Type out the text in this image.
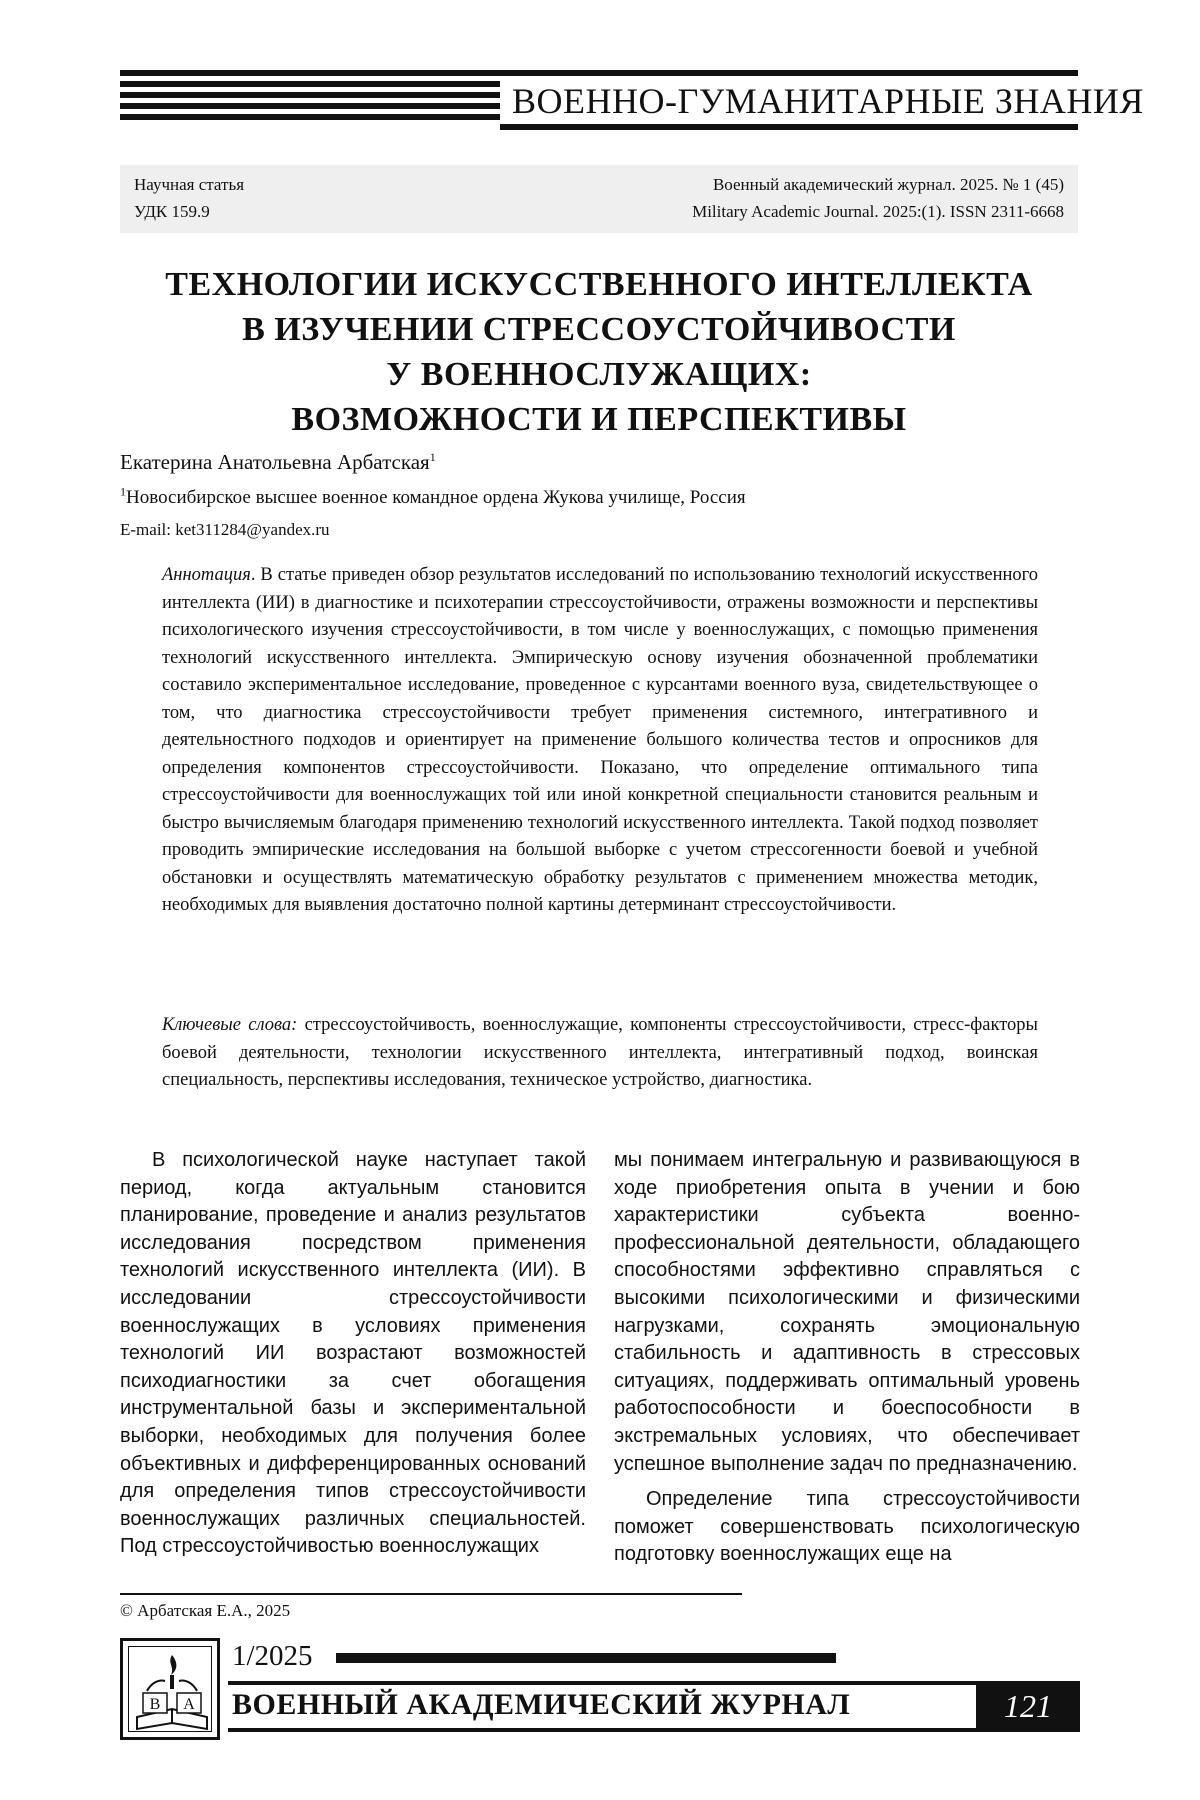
ВОЕННО-ГУМАНИТАРНЫЕ ЗНАНИЯ
Научная статья
УДК 159.9
Военный академический журнал. 2025. № 1 (45)
Military Academic Journal. 2025:(1). ISSN 2311-6668
ТЕХНОЛОГИИ ИСКУССТВЕННОГО ИНТЕЛЛЕКТА
В ИЗУЧЕНИИ СТРЕССОУСТОЙЧИВОСТИ
У ВОЕННОСЛУЖАЩИХ:
ВОЗМОЖНОСТИ И ПЕРСПЕКТИВЫ
Екатерина Анатольевна Арбатская$^1$
$^1$Новосибирское высшее военное командное ордена Жукова училище, Россия
E-mail: ket311284@yandex.ru
Аннотация. В статье приведен обзор результатов исследований по использованию технологий искусственного интеллекта (ИИ) в диагностике и психотерапии стрессоустойчивости, отражены возможности и перспективы психологического изучения стрессоустойчивости, в том числе у военнослужащих, с помощью применения технологий искусственного интеллекта. Эмпирическую основу изучения обозначенной проблематики составило экспериментальное исследование, проведенное с курсантами военного вуза, свидетельствующее о том, что диагностика стрессоустойчивости требует применения системного, интегративного и деятельностного подходов и ориентирует на применение большого количества тестов и опросников для определения компонентов стрессоустойчивости. Показано, что определение оптимального типа стрессоустойчивости для военнослужащих той или иной конкретной специальности становится реальным и быстро вычисляемым благодаря применению технологий искусственного интеллекта. Такой подход позволяет проводить эмпирические исследования на большой выборке с учетом стрессогенности боевой и учебной обстановки и осуществлять математическую обработку результатов с применением множества методик, необходимых для выявления достаточно полной картины детерминант стрессоустойчивости.
Ключевые слова: стрессоустойчивость, военнослужащие, компоненты стрессоустойчивости, стресс-факторы боевой деятельности, технологии искусственного интеллекта, интегративный подход, воинская специальность, перспективы исследования, техническое устройство, диагностика.

В психологической науке наступает такой период, когда актуальным становится планирование, проведение и анализ результатов исследования посредством применения технологий искусственного интеллекта (ИИ). В исследовании стрессоустойчивости военнослужащих в условиях применения технологий ИИ возрастают возможностей психодиагностики за счет обогащения инструментальной базы и экспериментальной выборки, необходимых для получения более объективных и дифференцированных оснований для определения типов стрессоустойчивости военнослужащих различных специальностей. Под стрессоустойчивостью военнослужащих

мы понимаем интегральную и развивающуюся в ходе приобретения опыта в учении и бою характеристики субъекта военно-профессиональной деятельности, обладающего способностями эффективно справляться с высокими психологическими и физическими нагрузками, сохранять эмоциональную стабильность и адаптивность в стрессовых ситуациях, поддерживать оптимальный уровень работоспособности и боеспособности в экстремальных условиях, что обеспечивает успешное выполнение задач по предназначению.

Определение типа стрессоустойчивости поможет совершенствовать психологическую подготовку военнослужащих еще на

© Арбатская Е.А., 2025
В А
1/2025
ВОЕННЫЙ АКАДЕМИЧЕСКИЙ ЖУРНАЛ	121
